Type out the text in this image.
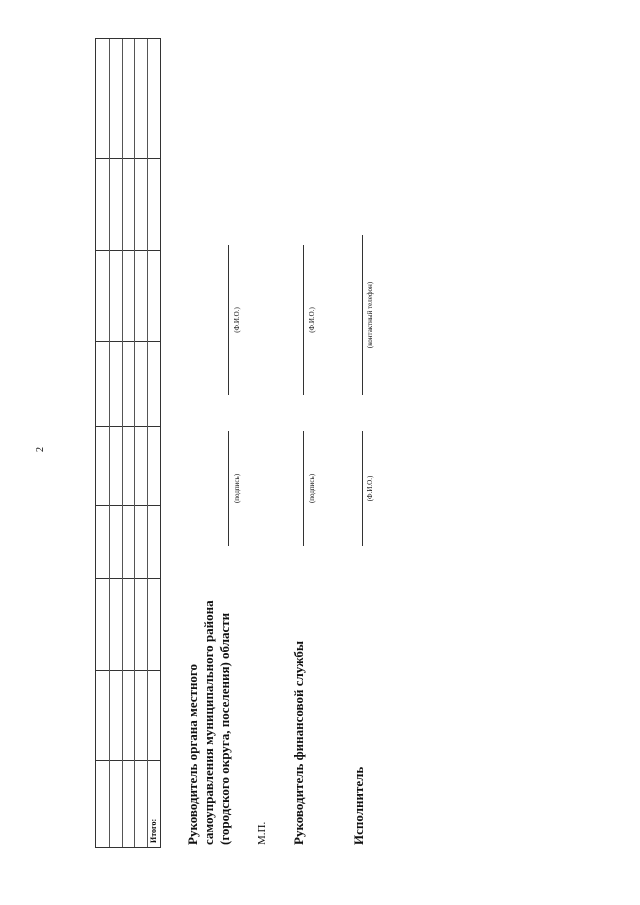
2
Итого: Руководитель органа местного самоуправления муниципального района (городского округа, поселения) области
(подпись)
(Ф.И.О.)
М.П. Руководитель финансовой службы
(подпись)
(Ф.И.О.)
Исполнитель
(Ф.И.О.)
(контактный телефон)
